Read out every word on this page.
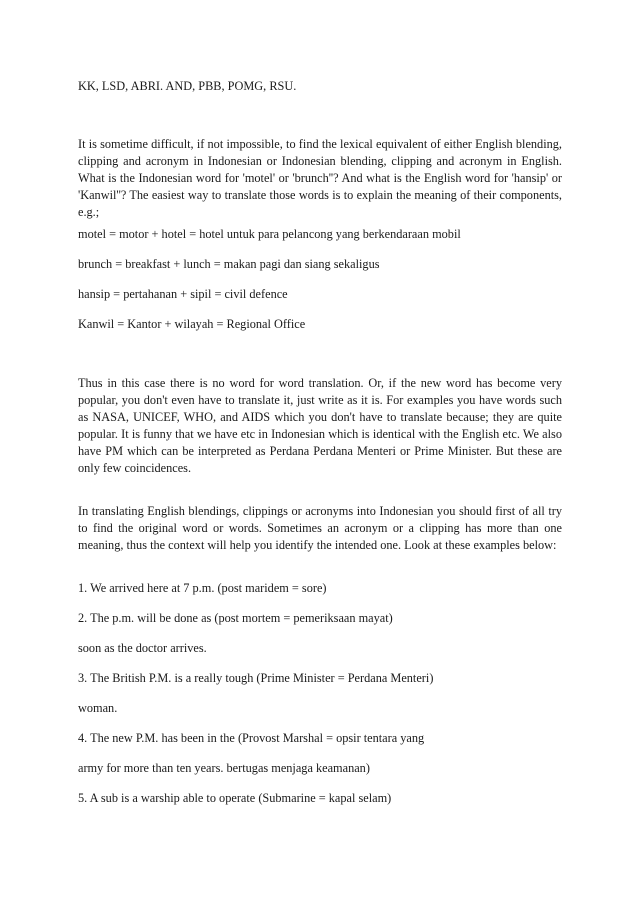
KK, LSD, ABRI. AND, PBB, POMG, RSU.

It is sometime difficult, if not impossible, to find the lexical equivalent of either English blending, clipping and acronym in Indonesian or Indonesian blending, clipping and acronym in English. What is the Indonesian word for 'motel' or 'brunch''? And what is the English word for 'hansip' or 'Kanwil''? The easiest way to translate those words is to explain the meaning of their components, e.g.;

motel = motor + hotel = hotel untuk para pelancong yang berkendaraan mobil
brunch = breakfast + lunch = makan pagi dan siang sekaligus
hansip = pertahanan + sipil = civil defence
Kanwil = Kantor + wilayah = Regional Office

Thus in this case there is no word for word translation. Or, if the new word has become very popular, you don't even have to translate it, just write as it is. For examples you have words such as NASA, UNICEF, WHO, and AIDS which you don't have to translate because; they are quite popular. It is funny that we have etc in Indonesian which is identical with the English etc. We also have PM which can be interpreted as Perdana Perdana Menteri or Prime Minister. But these are only few coincidences.

In translating English blendings, clippings or acronyms into Indonesian you should first of all try to find the original word or words. Sometimes an acronym or a clipping has more than one meaning, thus the context will help you identify the intended one. Look at these examples below:

1. We arrived here at 7 p.m. (post maridem = sore)
2. The p.m. will be done as (post mortem = pemeriksaan mayat)
soon as the doctor arrives.
3. The British P.M. is a really tough (Prime Minister = Perdana Menteri)
woman.
4. The new P.M. has been in the (Provost Marshal = opsir tentara yang
army for more than ten years. bertugas menjaga keamanan)
5. A sub is a warship able to operate (Submarine = kapal selam)
